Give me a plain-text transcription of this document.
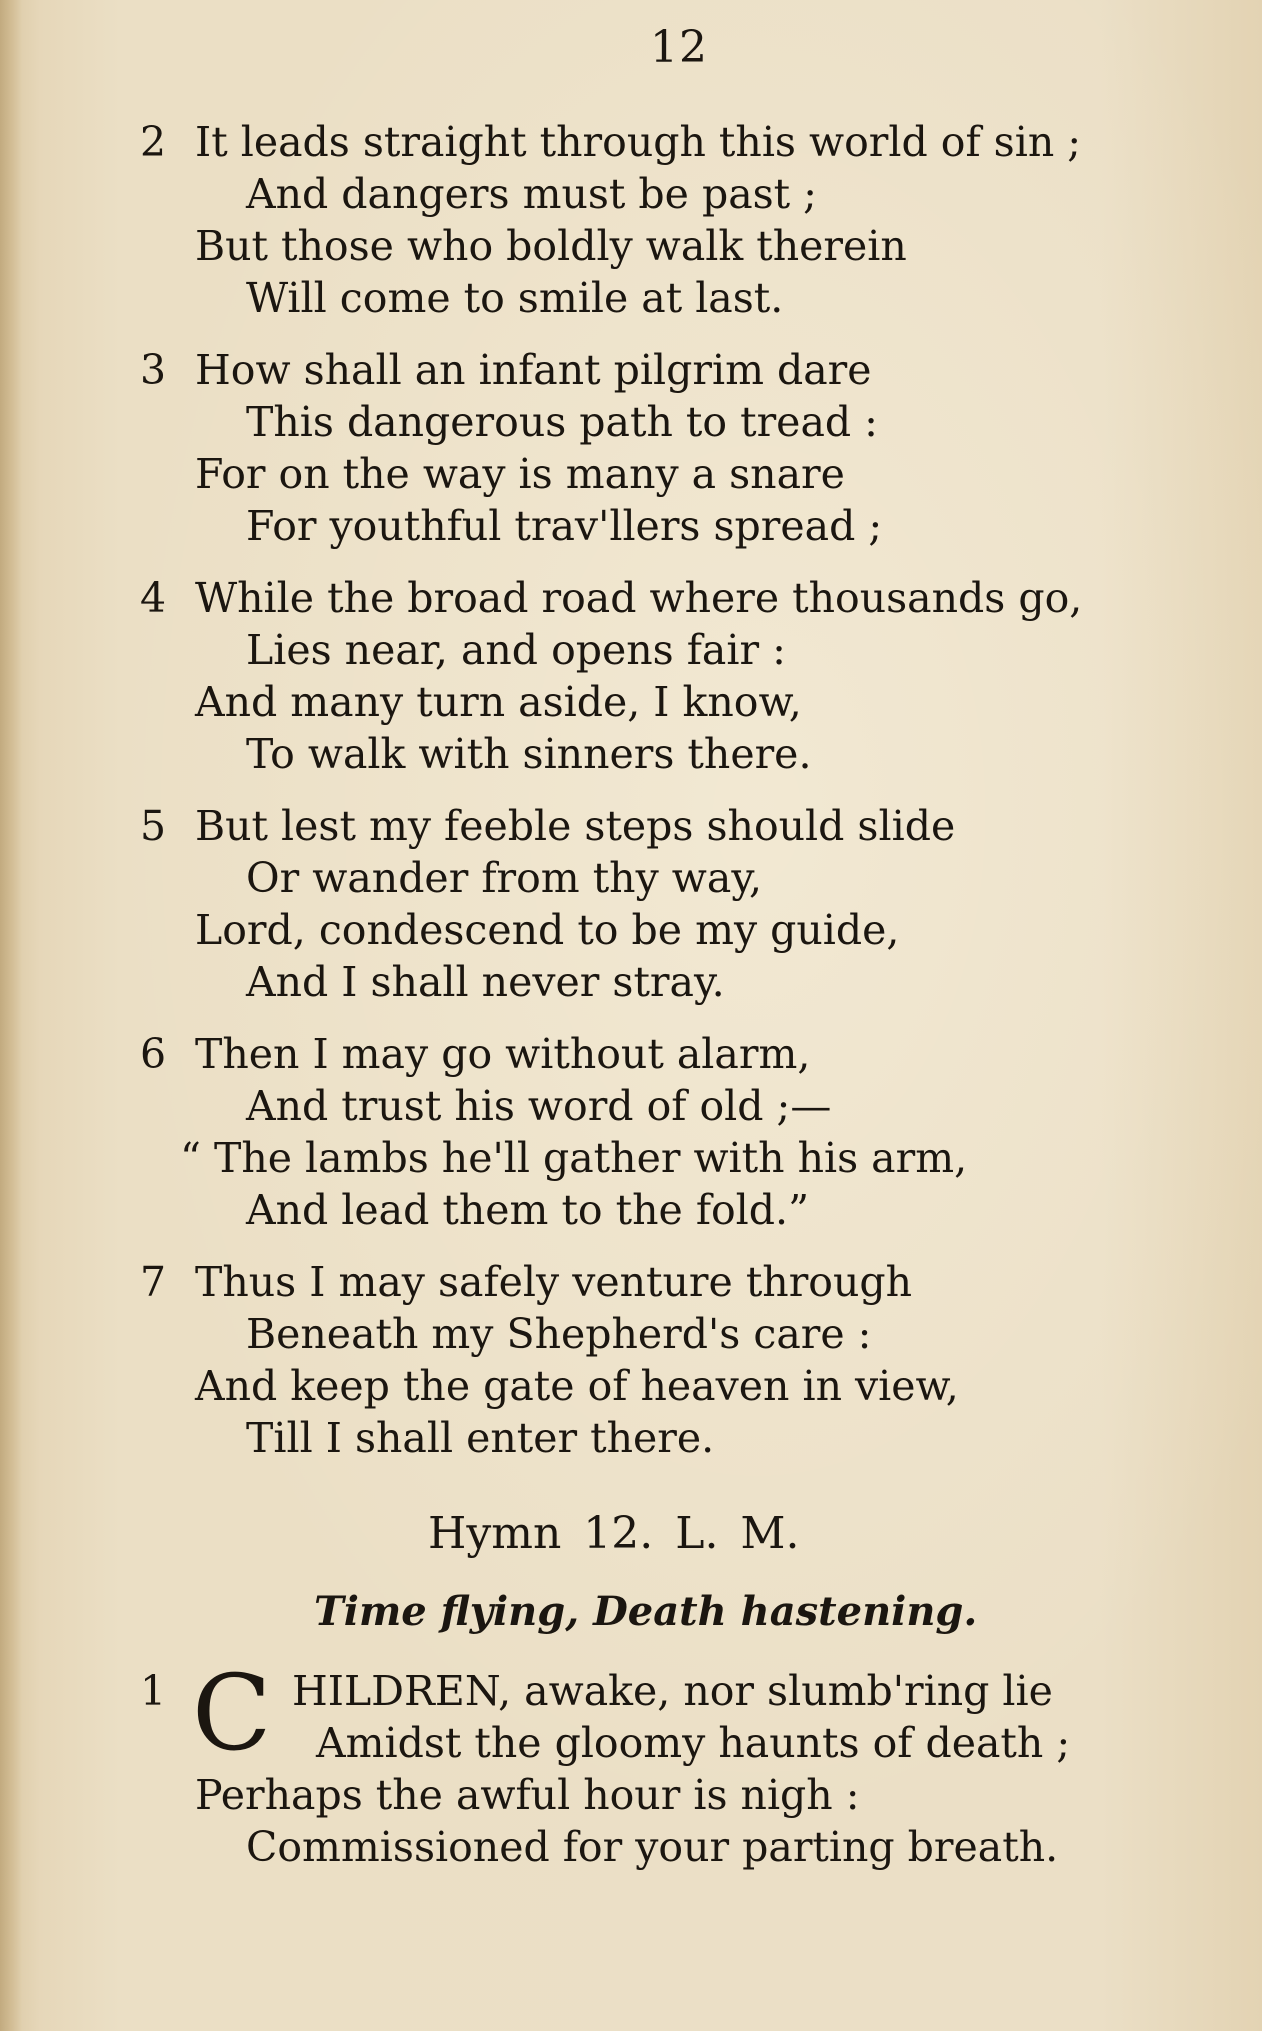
12
2 It leads straight through this world of sin ;
And dangers must be past ;
But those who boldly walk therein
Will come to smile at last.
3 How shall an infant pilgrim dare
This dangerous path to tread :
For on the way is many a snare
For youthful trav'llers spread ;
4 While the broad road where thousands go,
Lies near, and opens fair :
And many turn aside, I know,
To walk with sinners there.
5 But lest my feeble steps should slide
Or wander from thy way,
Lord, condescend to be my guide,
And I shall never stray.
6 Then I may go without alarm,
And trust his word of old ;—
“ The lambs he'll gather with his arm,
And lead them to the fold.”
7 Thus I may safely venture through
Beneath my Shepherd's care :
And keep the gate of heaven in view,
Till I shall enter there.
Hymn 12. L. M.
Time flying, Death hastening.
1 C HILDREN, awake, nor slumb'ring lie
Amidst the gloomy haunts of death ;
Perhaps the awful hour is nigh :
Commissioned for your parting breath.
